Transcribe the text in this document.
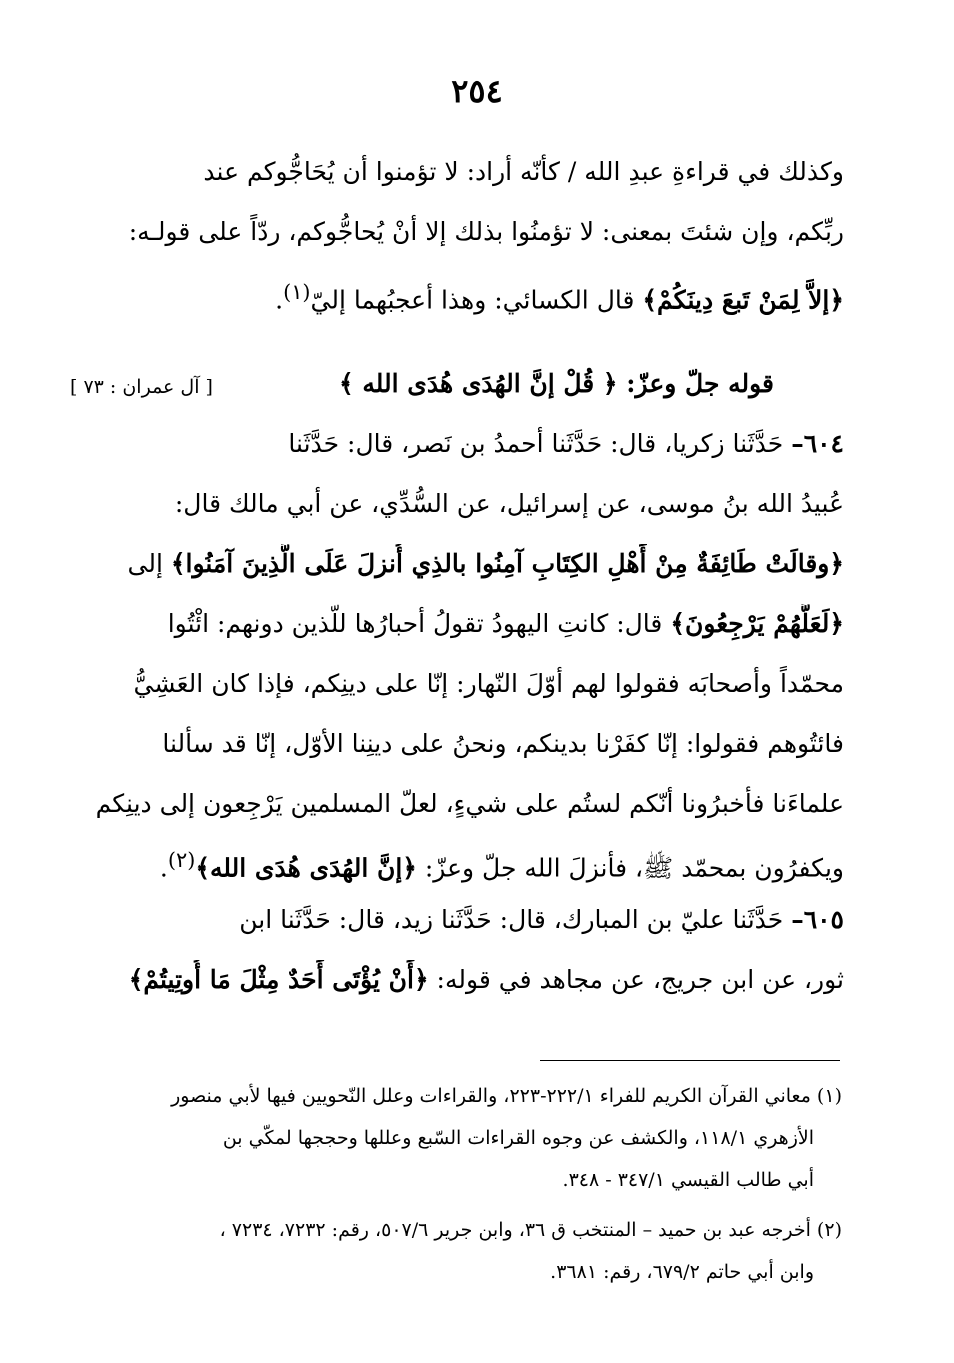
٢٥٤
وكذلك في قراءةِ عبدِ الله / كأنّه أراد: لا تؤمنوا أن يُحَاجُّوكم عند
ربِّكم، وإن شئتَ بمعنى: لا تؤمنُوا بذلك إلا أنْ يُحاجُّوكم، ردّاً على قولـه:
﴿إلاَّ لِمَنْ تَبعَ دِينَكُمْ﴾ قال الكسائي: وهذا أعجبُهما إليّ$^{(١)}$.
قوله جلّ وعزّ: ﴿ قُلْ إنَّ الهُدَى هُدَى الله ﴾
[ آل عمران : ٧٣ ]
٦٠٤– حَدَّثَنا زكريا، قال: حَدَّثَنا أحمدُ بن نَصر، قال: حَدَّثَنا
عُبيدُ الله بنُ موسى، عن إسرائيل، عن السُّدِّي، عن أبي مالك قال:
﴿وقالَتْ طَائِفَةٌ مِنْ أَهْلِ الكِتَابِ آمِنُوا بالذِي أُنزلَ عَلَى الَّذِينَ آمَنُوا﴾ إلى
﴿لَعَلَّهُمْ يَرْجِعُونَ﴾ قال: كانتِ اليهودُ تقولُ أحبارُها للّذين دونهم: ائْتُوا
محمّداً وأصحابَه فقولوا لهم أوّلَ النّهار: إنّا على دينِكم، فإذا كان العَشِيُّ
فائتُوهم فقولوا: إنّا كفَرْنا بدينكم، ونحنُ على دينِنا الأوّل، إنّا قد سألنا
علماءَنا فأخبرُونا أنّكم لستُم على شيءٍ، لعلّ المسلمين يَرْجِعون إلى دينِكم
ويكفرُون بمحمّد ﷺ، فأنزلَ الله جلّ وعزّ: ﴿إنَّ الهُدَى هُدَى الله﴾$^{(٢)}$.
٦٠٥– حَدَّثَنا عليّ بن المبارك، قال: حَدَّثَنا زيد، قال: حَدَّثَنا ابن
ثور، عن ابن جريج، عن مجاهد في قوله: ﴿أَنْ يُؤْتَى أَحَدٌ مِثْلَ مَا أُوتِيتُمْ﴾
(١) معاني القرآن الكريم للفراء ٢٢٢/١-٢٢٣، والقراءات وعلل النّحويين فيها لأبي منصور
الأزهري ١١٨/١، والكشف عن وجوه القراءات السّبع وعللها وحججها لمكّي بن
أبي طالب القيسي ٣٤٧/١ - ٣٤٨.
(٢) أخرجه عبد بن حميد – المنتخب ق ٣٦، وابن جرير ٥٠٧/٦، رقم: ٧٢٣٢، ٧٢٣٤ ،
وابن أبي حاتم ٦٧٩/٢، رقم: ٣٦٨١.
